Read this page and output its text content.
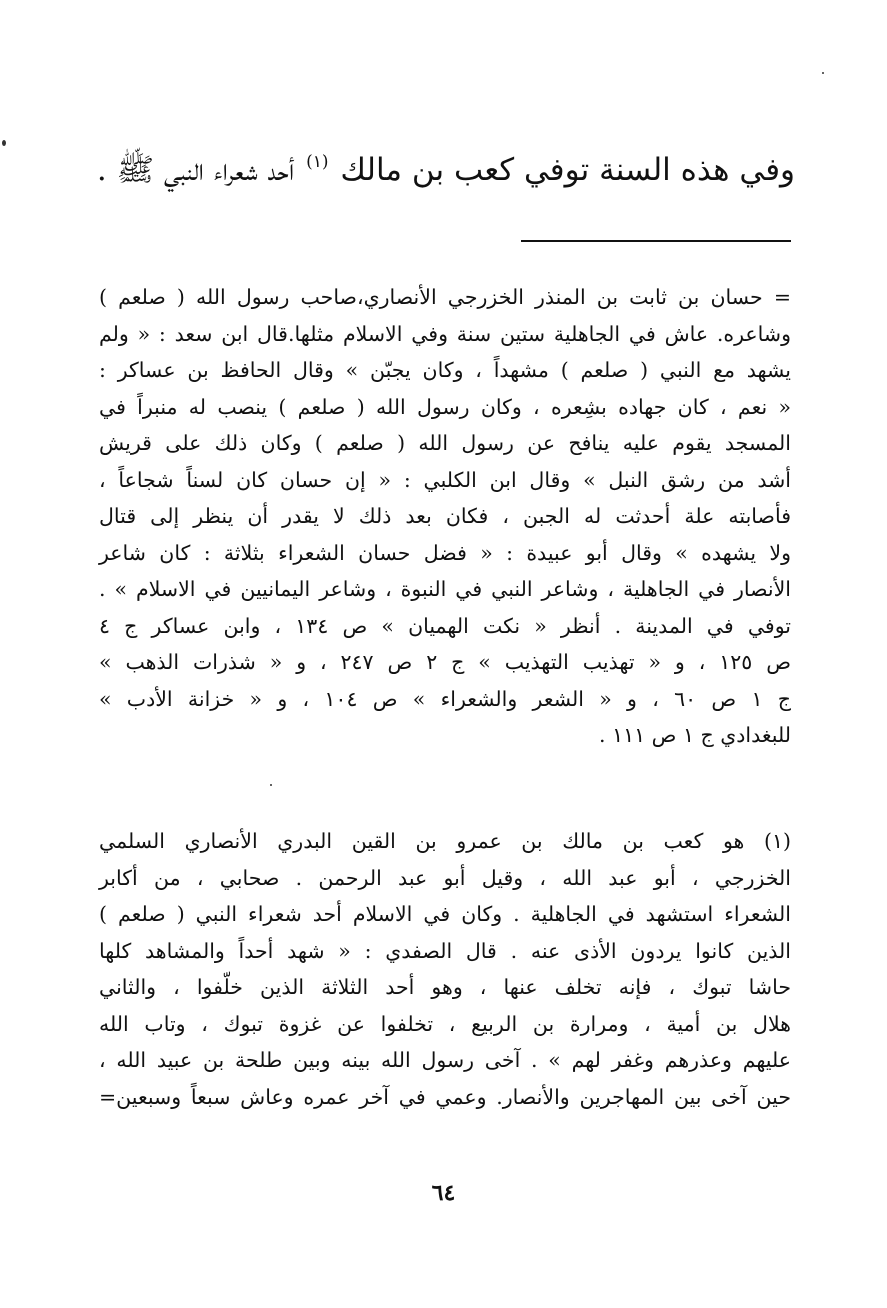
وفي هذه السنة توفي كعب بن مالك $^{(١)}$ أحد شعراء النبي ﷺ .
= حسان بن ثابت بن المنذر الخزرجي الأنصاري،صاحب رسول الله ( صلعم )
وشاعره. عاش في الجاهلية ستين سنة وفي الاسلام مثلها.قال ابن سعد : « ولم
يشهد مع النبي ( صلعم ) مشهداً ، وكان يجبّن » وقال الحافظ بن عساكر :
« نعم ، كان جهاده بشِعره ، وكان رسول الله ( صلعم ) ينصب له منبراً في
المسجد يقوم عليه ينافح عن رسول الله ( صلعم ) وكان ذلك على قريش
أشد من رشق النبل » وقال ابن الكلبي : « إن حسان كان لسناً شجاعاً ،
فأصابته علة أحدثت له الجبن ، فكان بعد ذلك لا يقدر أن ينظر إلى قتال
ولا يشهده » وقال أبو عبيدة : « فضل حسان الشعراء بثلاثة : كان شاعر
الأنصار في الجاهلية ، وشاعر النبي في النبوة ، وشاعر اليمانيين في الاسلام » .
توفي في المدينة . أنظر « نكت الهميان » ص ١٣٤ ، وابن عساكر ج ٤
ص ١٢٥ ، و « تهذيب التهذيب » ج ٢ ص ٢٤٧ ، و « شذرات الذهب »
ج ١ ص ٦٠ ، و « الشعر والشعراء » ص ١٠٤ ، و « خزانة الأدب »
للبغدادي ج ١ ص ١١١ .
(١) هو كعب بن مالك بن عمرو بن القين البدري الأنصاري السلمي
الخزرجي ، أبو عبد الله ، وقيل أبو عبد الرحمن . صحابي ، من أكابر
الشعراء استشهد في الجاهلية . وكان في الاسلام أحد شعراء النبي ( صلعم )
الذين كانوا يردون الأذى عنه . قال الصفدي : « شهد أحداً والمشاهد كلها
حاشا تبوك ، فإنه تخلف عنها ، وهو أحد الثلاثة الذين خلّفوا ، والثاني
هلال بن أمية ، ومرارة بن الربيع ، تخلفوا عن غزوة تبوك ، وتاب الله
عليهم وعذرهم وغفر لهم » . آخى رسول الله بينه وبين طلحة بن عبيد الله ،
حين آخى بين المهاجرين والأنصار. وعمي في آخر عمره وعاش سبعاً وسبعين=
٦٤
